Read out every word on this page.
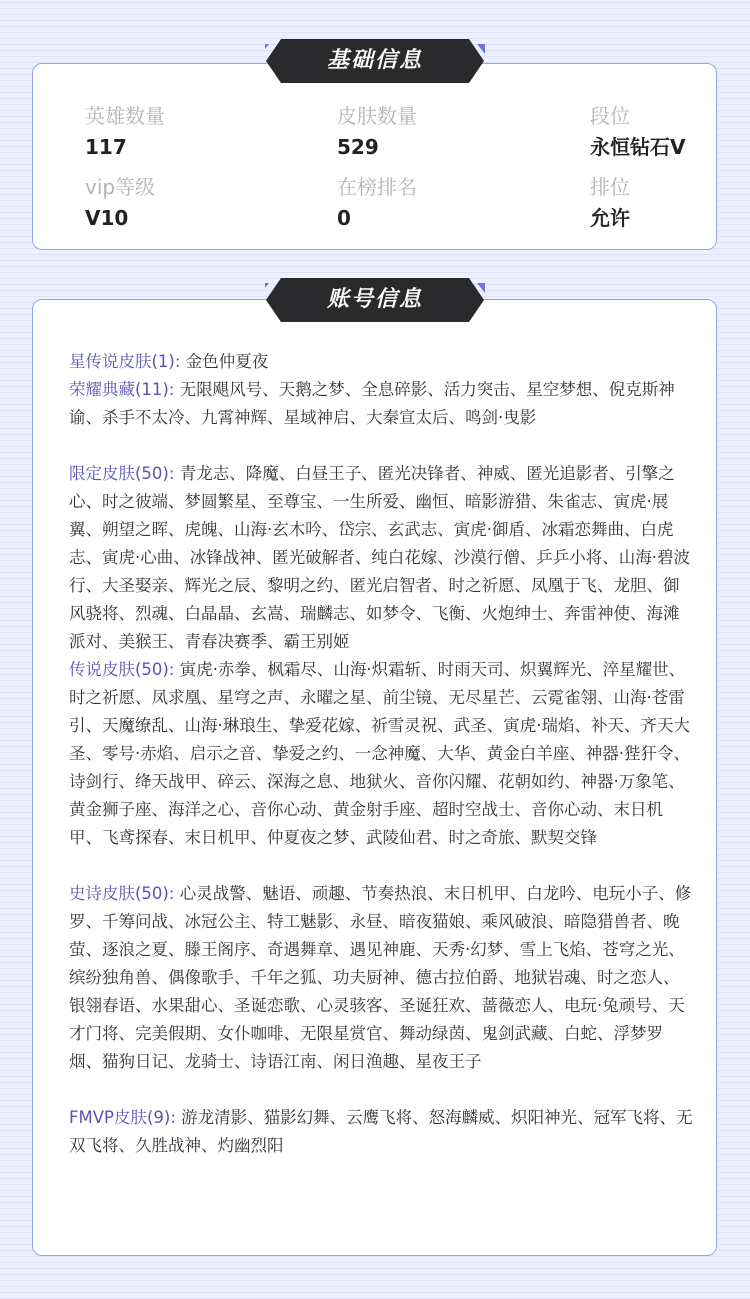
英雄数量
117
皮肤数量
529
段位
永恒钻石V
vip等级
V10
在榜排名
0
排位
允许
基础信息
星传说皮肤(1): 金色仲夏夜
荣耀典藏(11): 无限飓风号、天鹅之梦、全息碎影、活力突击、星空梦想、倪克斯神谕、杀手不太冷、九霄神辉、星域神启、大秦宣太后、鸣剑·曳影
限定皮肤(50): 青龙志、降魔、白昼王子、匿光决锋者、神威、匿光追影者、引擎之心、时之彼端、梦圆繁星、至尊宝、一生所爱、幽恒、暗影游猎、朱雀志、寅虎·展翼、朔望之晖、虎魄、山海·玄木吟、岱宗、玄武志、寅虎·御盾、冰霜恋舞曲、白虎志、寅虎·心曲、冰锋战神、匿光破解者、纯白花嫁、沙漠行僧、乒乒小将、山海·碧波行、大圣娶亲、辉光之辰、黎明之约、匿光启智者、时之祈愿、凤凰于飞、龙胆、御风骁将、烈魂、白晶晶、玄嵩、瑞麟志、如梦令、飞衡、火炮绅士、奔雷神使、海滩派对、美猴王、青春决赛季、霸王别姬
传说皮肤(50): 寅虎·赤拳、枫霜尽、山海·炽霜斩、时雨天司、炽翼辉光、淬星耀世、时之祈愿、凤求凰、星穹之声、永曜之星、前尘镜、无尽星芒、云霓雀翎、山海·苍雷引、天魔缭乱、山海·琳琅生、挚爱花嫁、祈雪灵祝、武圣、寅虎·瑞焰、补天、齐天大圣、零号·赤焰、启示之音、挚爱之约、一念神魔、大华、黄金白羊座、神器·狴犴令、诗剑行、绛天战甲、碎云、深海之息、地狱火、音你闪耀、花朝如约、神器·万象笔、黄金狮子座、海洋之心、音你心动、黄金射手座、超时空战士、音你心动、末日机甲、飞鸢探春、末日机甲、仲夏夜之梦、武陵仙君、时之奇旅、默契交锋
史诗皮肤(50): 心灵战警、魅语、顽趣、节奏热浪、末日机甲、白龙吟、电玩小子、修罗、千筹问战、冰冠公主、特工魅影、永昼、暗夜猫娘、乘风破浪、暗隐猎兽者、晚萤、逐浪之夏、滕王阁序、奇遇舞章、遇见神鹿、天秀·幻梦、雪上飞焰、苍穹之光、缤纷独角兽、偶像歌手、千年之狐、功夫厨神、德古拉伯爵、地狱岩魂、时之恋人、银翎春语、水果甜心、圣诞恋歌、心灵骇客、圣诞狂欢、蔷薇恋人、电玩·兔顽号、天才门将、完美假期、女仆咖啡、无限星赏官、舞动绿茵、鬼剑武藏、白蛇、浮梦罗烟、猫狗日记、龙骑士、诗语江南、闲日渔趣、星夜王子
FMVP皮肤(9): 游龙清影、猫影幻舞、云鹰飞将、怒海麟威、炽阳神光、冠军飞将、无双飞将、久胜战神、灼幽烈阳
账号信息
